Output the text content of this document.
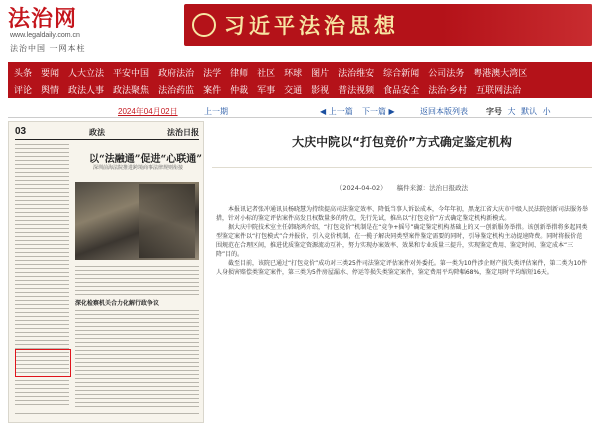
法治网
www.legaldaily.com.cn
法治中国 一网本柱
习近平法治思想
头条 要闻 人大立法 平安中国 政府法治 法学 律师 社区 环球 图片 法治维安 综合新闻 公司法务 粤港澳大湾区
评论 舆情 政法人事 政法聚焦 法治药监 案件 仲裁 军事 交通 影视 普法视频 食品安全 法治·乡村 互联网法治
2024年04月02日	上一期	◀ 上一篇 下一篇 ▶	返回本版列表 字号 大 默认 小
03	政法	法治日报
以“法融通”促进“心联通”
深圳前海法院推进跨境商事法律规则衔接
深化检察机关合力化解行政争议
大庆中院以“打包竞价”方式确定鉴定机构
（2024-04-02） 稿件来源：法治日报政法

本报讯记者张冲通讯员杨晓慧为持续提高司法鉴定效率、降低当事人诉讼成本，今年年初，黑龙江省大庆市中级人民法院创新司法服务举措，针对小标的鉴定评估案件高发且权数量多的特点，先行先试，推出以“打包竞价”方式确定鉴定机构新模式。

据大庆中院技术室主任韩晓鸿介绍，“打包竞价”机制是在“竞争+摇号”确定鉴定机构基础上的又一创新服务举措。该创新举措将多起同类型鉴定案件以“打包模式”合并报价，引入竞价机制，在一揽子解决同类型案件鉴定需要的同时，引导鉴定机构主动提速降费。同时将报价范围规范在合理区间，推进优质鉴定资源流动互补，努力实现办案效率、效果和专业质量三提升，实现鉴定费用、鉴定时间、鉴定成本“三降”目的。

截至目前，该院已通过“打包竞价”成功对三类25件司法鉴定评估案件对外委托。第一类为10件涉企财产损失类评估案件，第二类为10件人身损害赔偿类鉴定案件，第三类为5件房屋漏水、停运等损失类鉴定案件，鉴定费用平均降幅68%，鉴定用时平均缩短16天。
